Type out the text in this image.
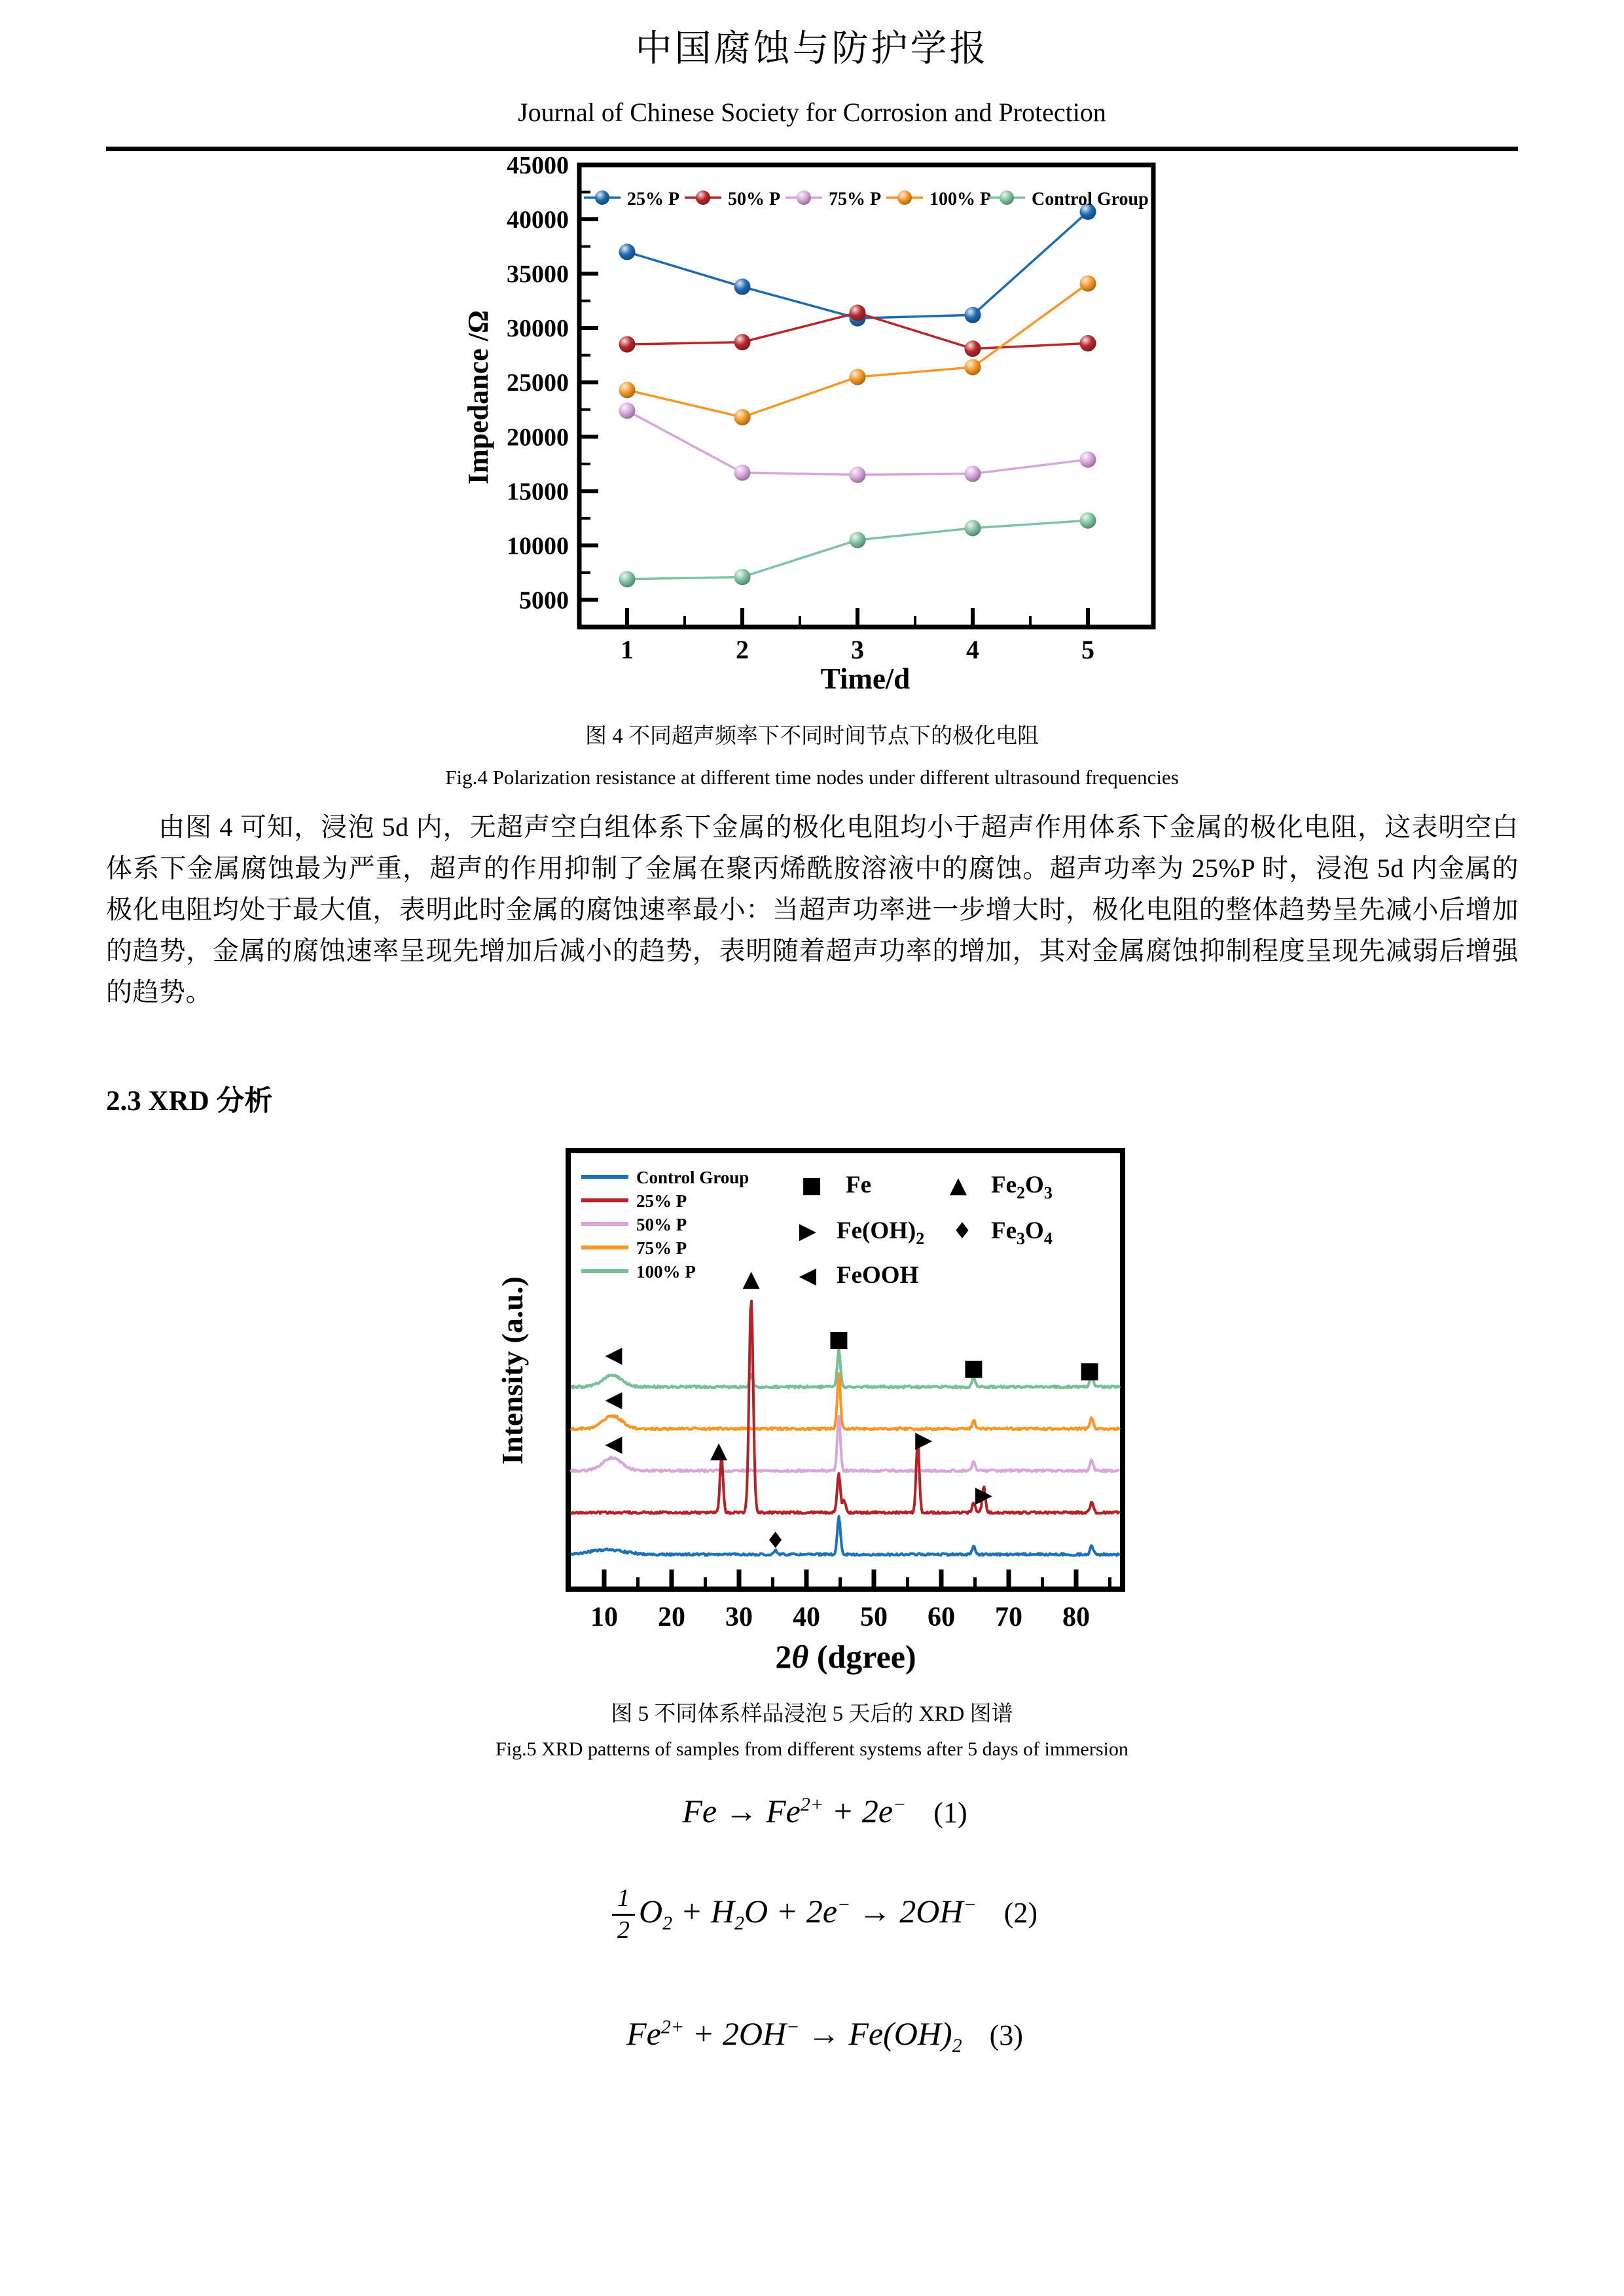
中国腐蚀与防护学报
Journal of Chinese Society for Corrosion and Protection
5000
10000
15000
20000
25000
30000
35000
40000
45000
1	2	3	4	5
Impedance /Ω
Time/d
25% P	50% P	75% P	100% P Control Group
图 4 不同超声频率下不同时间节点下的极化电阻
Fig.4 Polarization resistance at different time nodes under different ultrasound frequencies
由图 4 可知，浸泡 5d 内，无超声空白组体系下金属的极化电阻均小于超声作用体系下金属的极化电阻，这表明空白体系下金属腐蚀最为严重，超声的作用抑制了金属在聚丙烯酰胺溶液中的腐蚀。超声功率为 25%P 时，浸泡 5d 内金属的极化电阻均处于最大值，表明此时金属的腐蚀速率最小：当超声功率进一步增大时，极化电阻的整体趋势呈先减小后增加的趋势，金属的腐蚀速率呈现先增加后减小的趋势，表明随着超声功率的增加，其对金属腐蚀抑制程度呈现先减弱后增强的趋势。
2.3 XRD 分析
10 20 30 40 50 60 70 80
2θ (dgree)
Intensity (a.u.)
Control Group
25% P
50% P
75% P
100% P
■ Fe	▲ $Fe_2O_3$
▶ $Fe(OH)_2$ ♦ $Fe_3O_4$
◀ FeOOH
◀
◀
◀	▲
▲
■
■	■
▶
▶
♦
图 5 不同体系样品浸泡 5 天后的 XRD 图谱
Fig.5 XRD patterns of samples from different systems after 5 days of immersion
$Fe \to Fe^{2+} + 2e^-$ (1)
$\frac{1}{2} O_2 + H_2O + 2e^- \to 2OH^-$ (2)
$Fe^{2+} + 2OH^- \to Fe(OH)_2$ (3)
